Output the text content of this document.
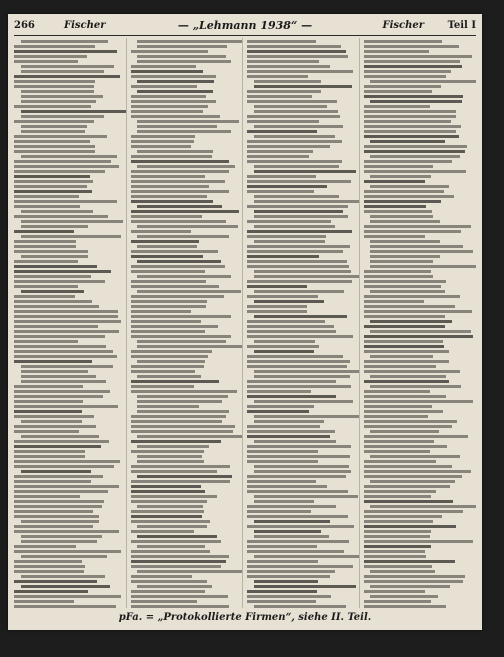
266	Fischer	— „Lehmann 1938“ —	Fischer Teil I
pFa. = „Protokollierte Firmen“, siehe II. Teil.
